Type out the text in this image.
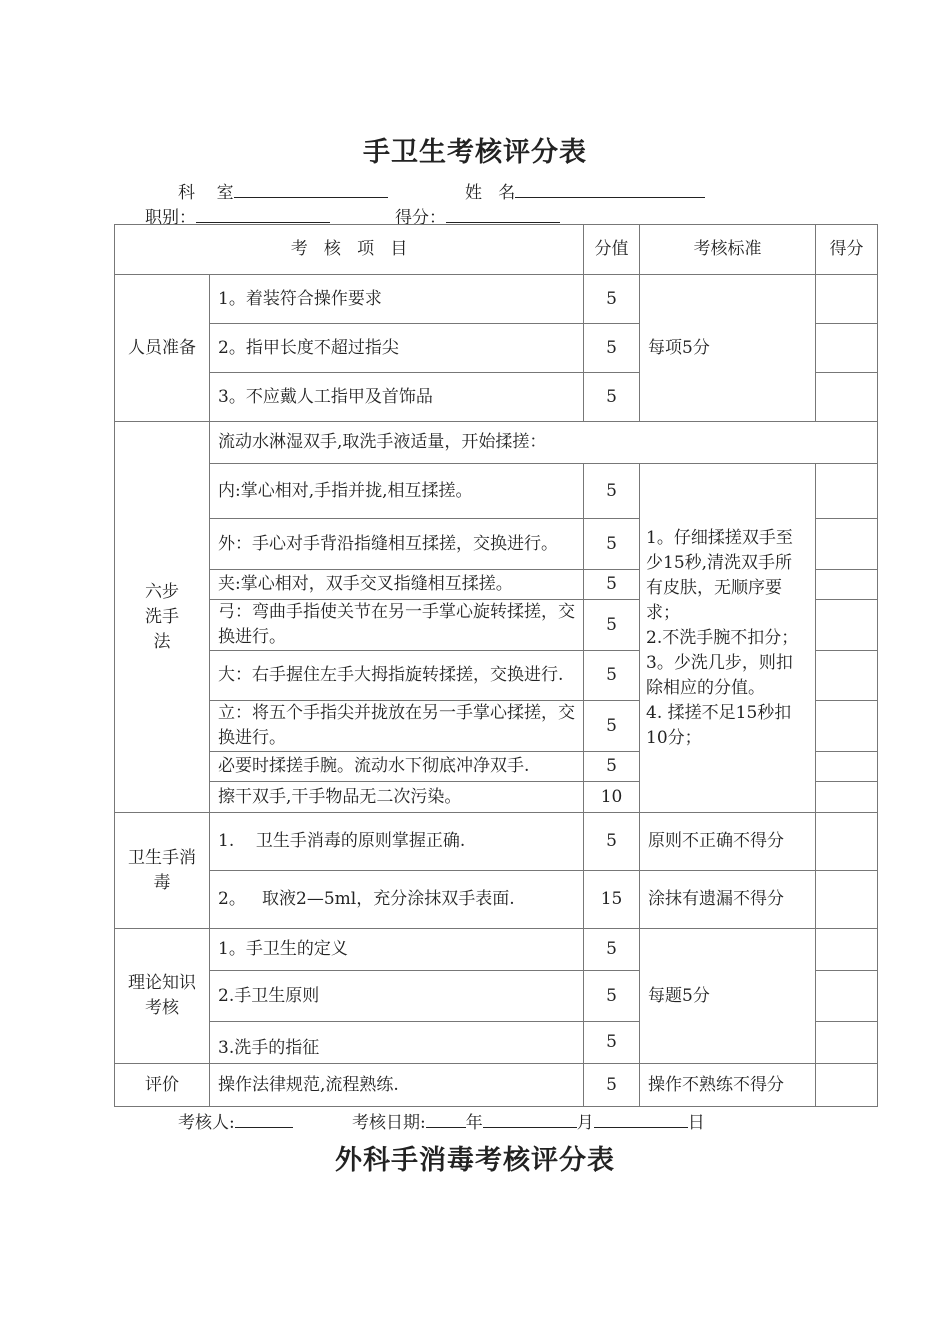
手卫生考核评分表
科    室	姓   名
职别：	得分：
考   核   项   目		分值	考核标准	得分
人员准备	1。着装符合操作要求	5	每项5分	
	2。指甲长度不超过指尖	5		
	3。不应戴人工指甲及首饰品	5		
六步
洗手
法	流动水淋湿双手,取洗手液适量，开始揉搓：			
	内:掌心相对,手指并拢,相互揉搓。	5	1。仔细揉搓双手至少15秒,清洗双手所有皮肤，无顺序要求；
2.不洗手腕不扣分；
3。少洗几步，则扣除相应的分值。
4. 揉搓不足15秒扣10分；	
	外：手心对手背沿指缝相互揉搓，交换进行。	5		
	夹:掌心相对，双手交叉指缝相互揉搓。	5		
	弓：弯曲手指使关节在另一手掌心旋转揉搓，交换进行。	5		
	大：右手握住左手大拇指旋转揉搓，交换进行.	5		
	立：将五个手指尖并拢放在另一手掌心揉搓，交换进行。	5		
	必要时揉搓手腕。流动水下彻底冲净双手.	5		
	擦干双手,干手物品无二次污染。	10		
卫生手消
毒	1.    卫生手消毒的原则掌握正确.	5	原则不正确不得分	
	2。   取液2—5ml，充分涂抹双手表面.	15	涂抹有遗漏不得分	
理论知识
考核	1。手卫生的定义	5	每题5分	
	2.手卫生原则	5		
	3.洗手的指征	5		
评价	操作法律规范,流程熟练.	5	操作不熟练不得分	
考核人:	考核日期: 年	月	日
外科手消毒考核评分表
